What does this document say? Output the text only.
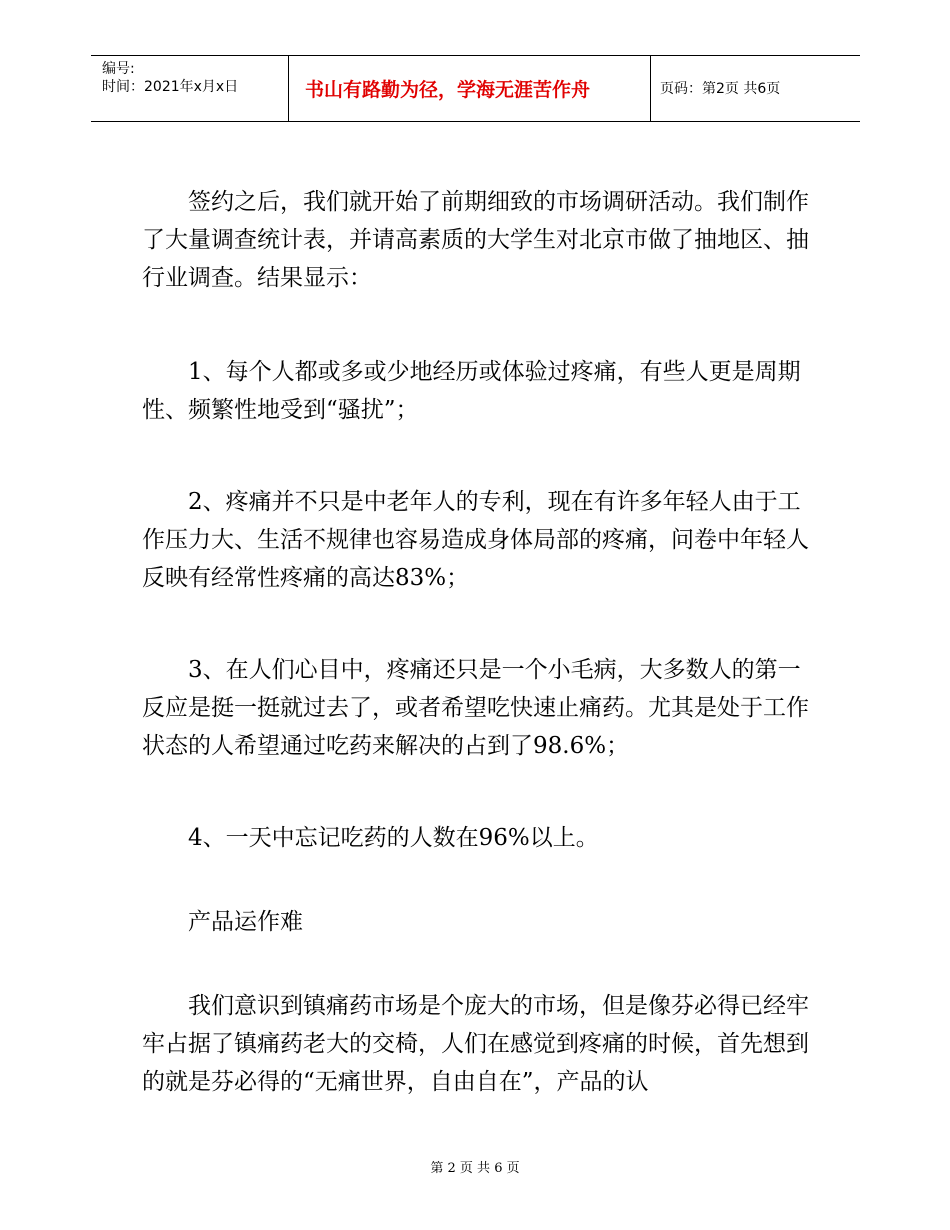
编号:
时间：2021年x月x日	书山有路勤为径，学海无涯苦作舟	页码：第2页 共6页

签约之后，我们就开始了前期细致的市场调研活动。我们制作了大量调查统计表，并请高素质的大学生对北京市做了抽地区、抽行业调查。结果显示：

1、每个人都或多或少地经历或体验过疼痛，有些人更是周期性、频繁性地受到“骚扰”；

2、疼痛并不只是中老年人的专利，现在有许多年轻人由于工作压力大、生活不规律也容易造成身体局部的疼痛，问卷中年轻人反映有经常性疼痛的高达83%；

3、在人们心目中，疼痛还只是一个小毛病，大多数人的第一反应是挺一挺就过去了，或者希望吃快速止痛药。尤其是处于工作状态的人希望通过吃药来解决的占到了98.6%；

4、一天中忘记吃药的人数在96%以上。

产品运作难

我们意识到镇痛药市场是个庞大的市场，但是像芬必得已经牢牢占据了镇痛药老大的交椅，人们在感觉到疼痛的时候，首先想到的就是芬必得的“无痛世界，自由自在”，产品的认

第 2 页 共 6 页
